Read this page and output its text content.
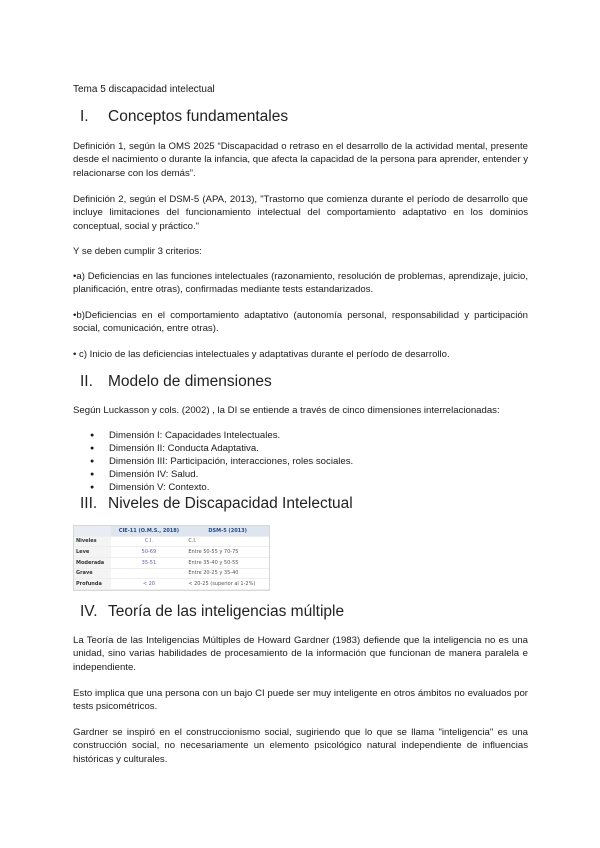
Tema 5 discapacidad intelectual
I. Conceptos fundamentales

Definición 1, según la OMS 2025 “Discapacidad o retraso en el desarrollo de la actividad mental, presente desde el nacimiento o durante la infancia, que afecta la capacidad de la persona para aprender, entender y relacionarse con los demás”.

Definición 2, según el DSM-5 (APA, 2013), "Trastorno que comienza durante el período de desarrollo que incluye limitaciones del funcionamiento intelectual del comportamiento adaptativo en los dominios conceptual, social y práctico."

Y se deben cumplir 3 criterios:

•a) Deficiencias en las funciones intelectuales (razonamiento, resolución de problemas, aprendizaje, juicio, planificación, entre otras), confirmadas mediante tests estandarizados.

•b)Deficiencias en el comportamiento adaptativo (autonomía personal, responsabilidad y participación social, comunicación, entre otras).

• c) Inicio de las deficiencias intelectuales y adaptativas durante el período de desarrollo.

II. Modelo de dimensiones

Según Luckasson y cols. (2002) , la DI se entiende a través de cinco dimensiones interrelacionadas:

● Dimensión I: Capacidades Intelectuales.
● Dimensión II: Conducta Adaptativa.
● Dimensión III: Participación, interacciones, roles sociales.
● Dimensión IV: Salud.
● Dimensión V: Contexto.
III. Niveles de Discapacidad Intelectual
	CIE-11 (O.M.S., 2018)	DSM-5 (2013)
Niveles	C.I.	C.I.
Leve	50-69	Entre 50-55 y 70-75
Moderada	35-51	Entre 35-40 y 50-55
Grave		Entre 20-25 y 35-40
Profunda	< 20	< 20-25 (superior al 1-2%)
IV. Teoría de las inteligencias múltiple

La Teoría de las Inteligencias Múltiples de Howard Gardner (1983) defiende que la inteligencia no es una unidad, sino varias habilidades de procesamiento de la información que funcionan de manera paralela e independiente.

Esto implica que una persona con un bajo CI puede ser muy inteligente en otros ámbitos no evaluados por tests psicométricos.

Gardner se inspiró en el construccionismo social, sugiriendo que lo que se llama "inteligencia" es una construcción social, no necesariamente un elemento psicológico natural independiente de influencias históricas y culturales.
